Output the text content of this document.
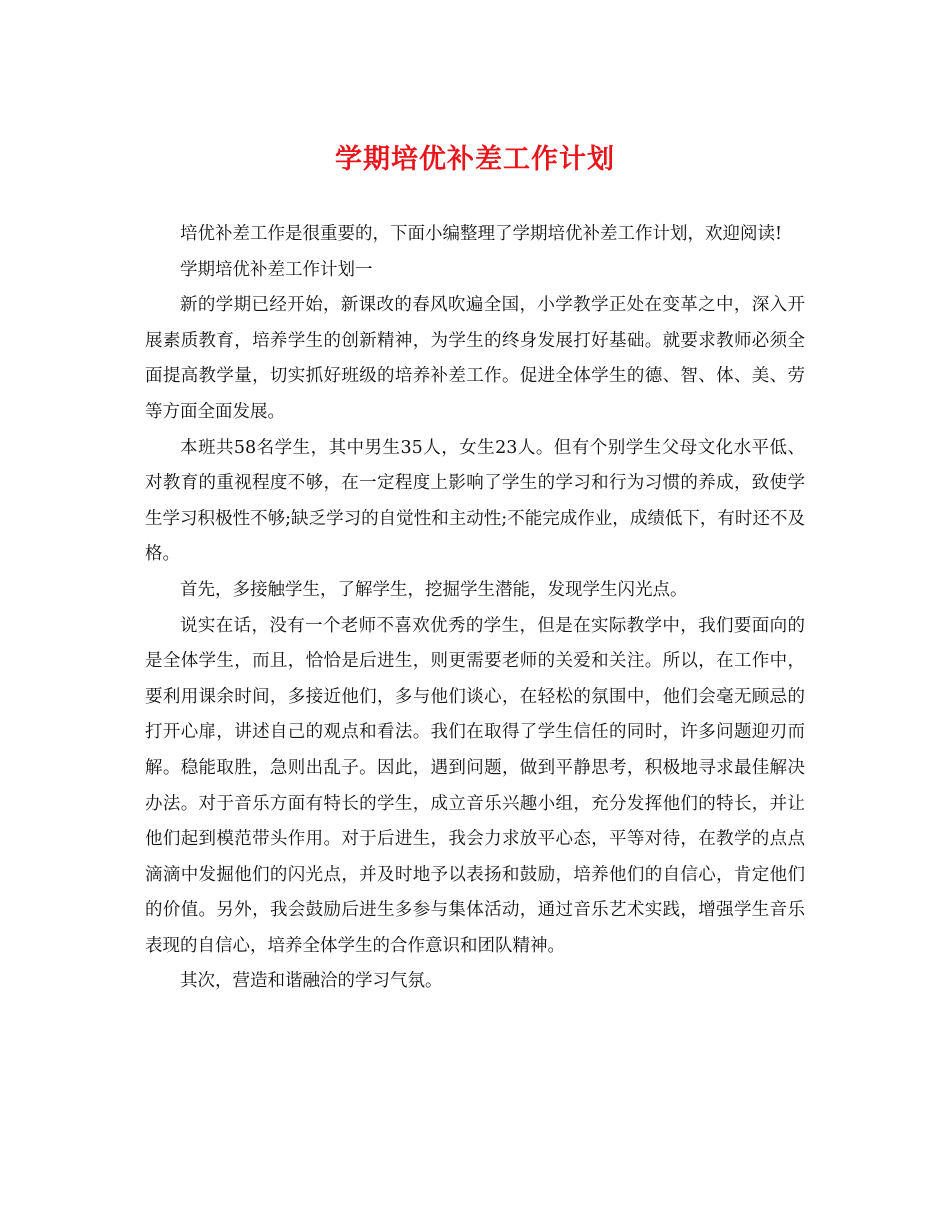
学期培优补差工作计划

培优补差工作是很重要的，下面小编整理了学期培优补差工作计划，欢迎阅读!

学期培优补差工作计划一

新的学期已经开始，新课改的春风吹遍全国，小学教学正处在变革之中，深入开展素质教育，培养学生的创新精神，为学生的终身发展打好基础。就要求教师必须全面提高教学量，切实抓好班级的培养补差工作。促进全体学生的德、智、体、美、劳等方面全面发展。

本班共58名学生，其中男生35人，女生23人。但有个别学生父母文化水平低、对教育的重视程度不够，在一定程度上影响了学生的学习和行为习惯的养成，致使学生学习积极性不够;缺乏学习的自觉性和主动性;不能完成作业，成绩低下，有时还不及格。

首先，多接触学生，了解学生，挖掘学生潜能，发现学生闪光点。

说实在话，没有一个老师不喜欢优秀的学生，但是在实际教学中，我们要面向的是全体学生，而且，恰恰是后进生，则更需要老师的关爱和关注。所以，在工作中，要利用课余时间，多接近他们，多与他们谈心，在轻松的氛围中，他们会毫无顾忌的打开心扉，讲述自己的观点和看法。我们在取得了学生信任的同时，许多问题迎刃而解。稳能取胜，急则出乱子。因此，遇到问题，做到平静思考，积极地寻求最佳解决办法。对于音乐方面有特长的学生，成立音乐兴趣小组，充分发挥他们的特长，并让他们起到模范带头作用。对于后进生，我会力求放平心态，平等对待，在教学的点点滴滴中发掘他们的闪光点，并及时地予以表扬和鼓励，培养他们的自信心，肯定他们的价值。另外，我会鼓励后进生多参与集体活动，通过音乐艺术实践，增强学生音乐表现的自信心，培养全体学生的合作意识和团队精神。

其次，营造和谐融洽的学习气氛。
